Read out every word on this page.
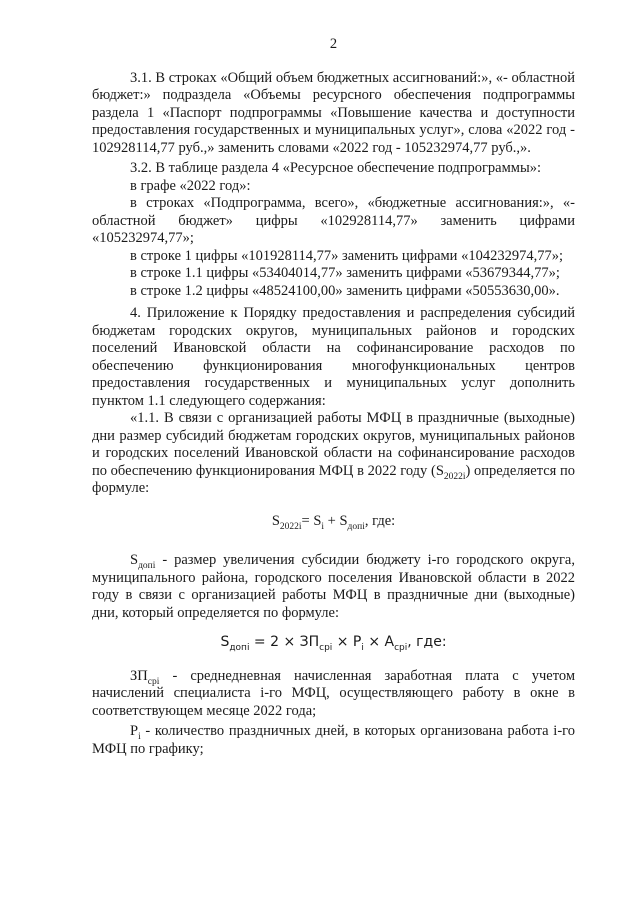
2

3.1. В строках «Общий объем бюджетных ассигнований:», «- областной бюджет:» подраздела «Объемы ресурсного обеспечения подпрограммы раздела 1 «Паспорт подпрограммы «Повышение качества и доступности предоставления государственных и муниципальных услуг», слова «2022 год - 102928114,77 руб.,» заменить словами «2022 год - 105232974,77 руб.,».

3.2. В таблице раздела 4 «Ресурсное обеспечение подпрограммы»:

в графе «2022 год»:

в строках «Подпрограмма, всего», «бюджетные ассигнования:», «- областной бюджет» цифры «102928114,77» заменить цифрами «105232974,77»;

в строке 1 цифры «101928114,77» заменить цифрами «104232974,77»;

в строке 1.1 цифры «53404014,77» заменить цифрами «53679344,77»;

в строке 1.2 цифры «48524100,00» заменить цифрами «50553630,00».

4. Приложение к Порядку предоставления и распределения субсидий бюджетам городских округов, муниципальных районов и городских поселений Ивановской области на софинансирование расходов по обеспечению функционирования многофункциональных центров предоставления государственных и муниципальных услуг дополнить пунктом 1.1 следующего содержания:

«1.1. В связи с организацией работы МФЦ в праздничные (выходные) дни размер субсидий бюджетам городских округов, муниципальных районов и городских поселений Ивановской области на софинансирование расходов по обеспечению функционирования МФЦ в 2022 году $(S_{2022i})$ определяется по формуле:

$S_{2022i}= S_i + S_{допi}$, где:

$S_{допi}$ - размер увеличения субсидии бюджету i-го городского округа, муниципального района, городского поселения Ивановской области в 2022 году в связи с организацией работы МФЦ в праздничные дни (выходные) дни, который определяется по формуле:

$S_{допi} = 2 \times ЗП_{срi} \times P_i \times A_{срi}$, где:

$ЗП_{срi}$ - среднедневная начисленная заработная плата с учетом начислений специалиста i-го МФЦ, осуществляющего работу в окне в соответствующем месяце 2022 года;

$P_i$ - количество праздничных дней, в которых организована работа i-го МФЦ по графику;
